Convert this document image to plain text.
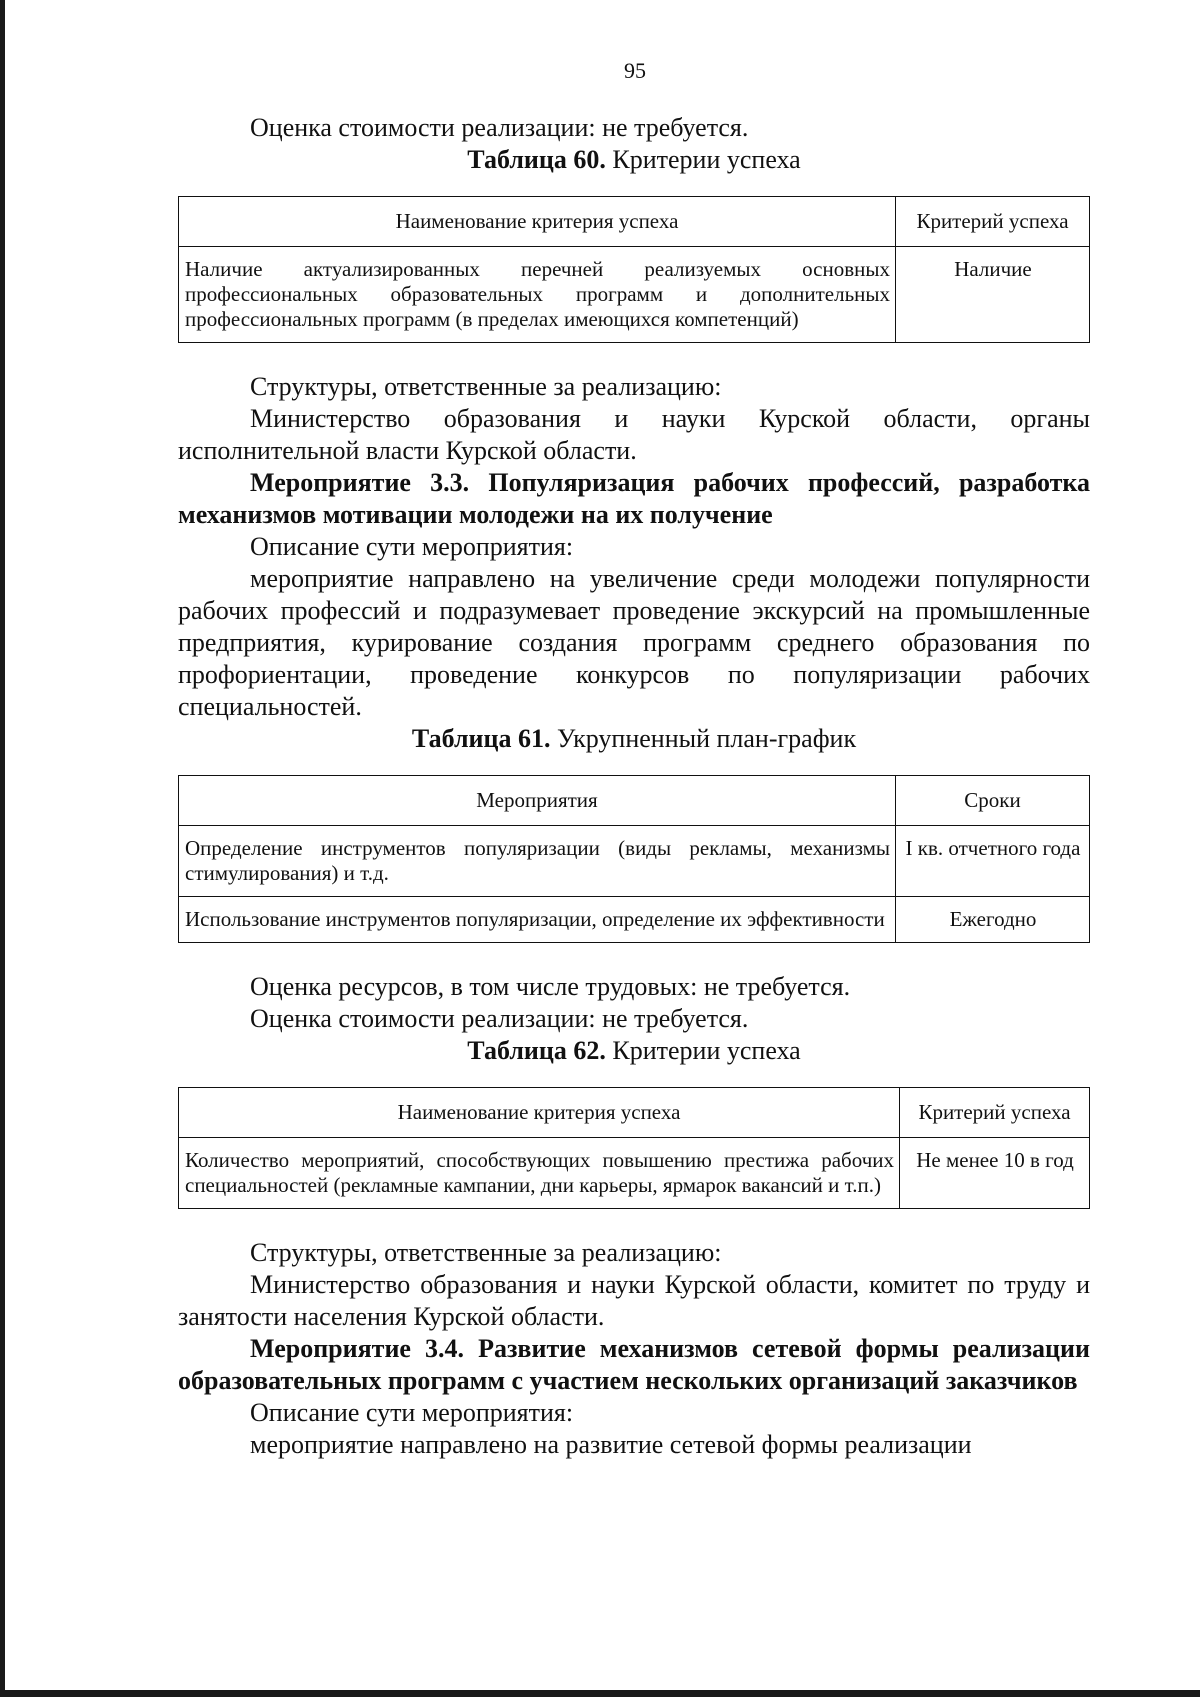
95

Оценка стоимости реализации: не требуется.

Таблица 60. Критерии успеха

Наименование критерия успеха	Критерий успеха
Наличие актуализированных перечней реализуемых основных профессиональных образовательных программ и дополнительных профессиональных программ (в пределах имеющихся компетенций)	Наличие

Структуры, ответственные за реализацию:

Министерство образования и науки Курской области, органы исполнительной власти Курской области.

Мероприятие 3.3. Популяризация рабочих профессий, разработка механизмов мотивации молодежи на их получение

Описание сути мероприятия:

мероприятие направлено на увеличение среди молодежи популярности рабочих профессий и подразумевает проведение экскурсий на промышленные предприятия, курирование создания программ среднего образования по профориентации, проведение конкурсов по популяризации рабочих специальностей.

Таблица 61. Укрупненный план-график

Мероприятия	Сроки
Определение инструментов популяризации (виды рекламы, механизмы стимулирования) и т.д.	I кв. отчетного года
Использование инструментов популяризации, определение их эффективности	Ежегодно

Оценка ресурсов, в том числе трудовых: не требуется.

Оценка стоимости реализации: не требуется.

Таблица 62. Критерии успеха

Наименование критерия успеха	Критерий успеха
Количество мероприятий, способствующих повышению престижа рабочих специальностей (рекламные кампании, дни карьеры, ярмарок вакансий и т.п.)	Не менее 10 в год

Структуры, ответственные за реализацию:

Министерство образования и науки Курской области, комитет по труду и занятости населения Курской области.

Мероприятие 3.4. Развитие механизмов сетевой формы реализации образовательных программ с участием нескольких организаций заказчиков

Описание сути мероприятия:

мероприятие направлено на развитие сетевой формы реализации
